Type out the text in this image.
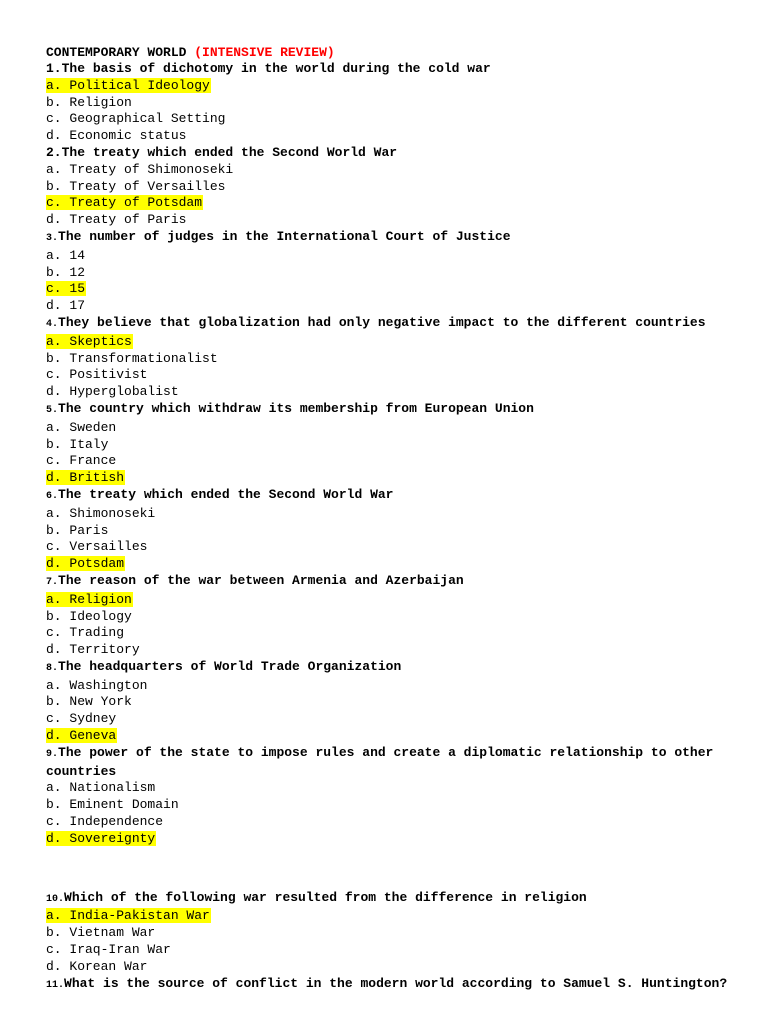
CONTEMPORARY WORLD (INTENSIVE REVIEW)
1.The basis of dichotomy in the world during the cold war
a. Political Ideology
b. Religion
c. Geographical Setting
d. Economic status
2.The treaty which ended the Second World War
a. Treaty of Shimonoseki
b. Treaty of Versailles
c. Treaty of Potsdam
d. Treaty of Paris
3.The number of judges in the International Court of Justice
a. 14
b. 12
c. 15
d. 17
4.They believe that globalization had only negative impact to the different countries
a. Skeptics
b. Transformationalist
c. Positivist
d. Hyperglobalist
5.The country which withdraw its membership from European Union
a. Sweden
b. Italy
c. France
d. British
6.The treaty which ended the Second World War
a. Shimonoseki
b. Paris
c. Versailles
d. Potsdam
7.The reason of the war between Armenia and Azerbaijan
a. Religion
b. Ideology
c. Trading
d. Territory
8.The headquarters of World Trade Organization
a. Washington
b. New York
c. Sydney
d. Geneva
9.The power of the state to impose rules and create a diplomatic relationship to other countries
a. Nationalism
b. Eminent Domain
c. Independence
d. Sovereignty
10.Which of the following war resulted from the difference in religion
a. India-Pakistan War
b. Vietnam War
c. Iraq-Iran War
d. Korean War
11.What is the source of conflict in the modern world according to Samuel S. Huntington?
